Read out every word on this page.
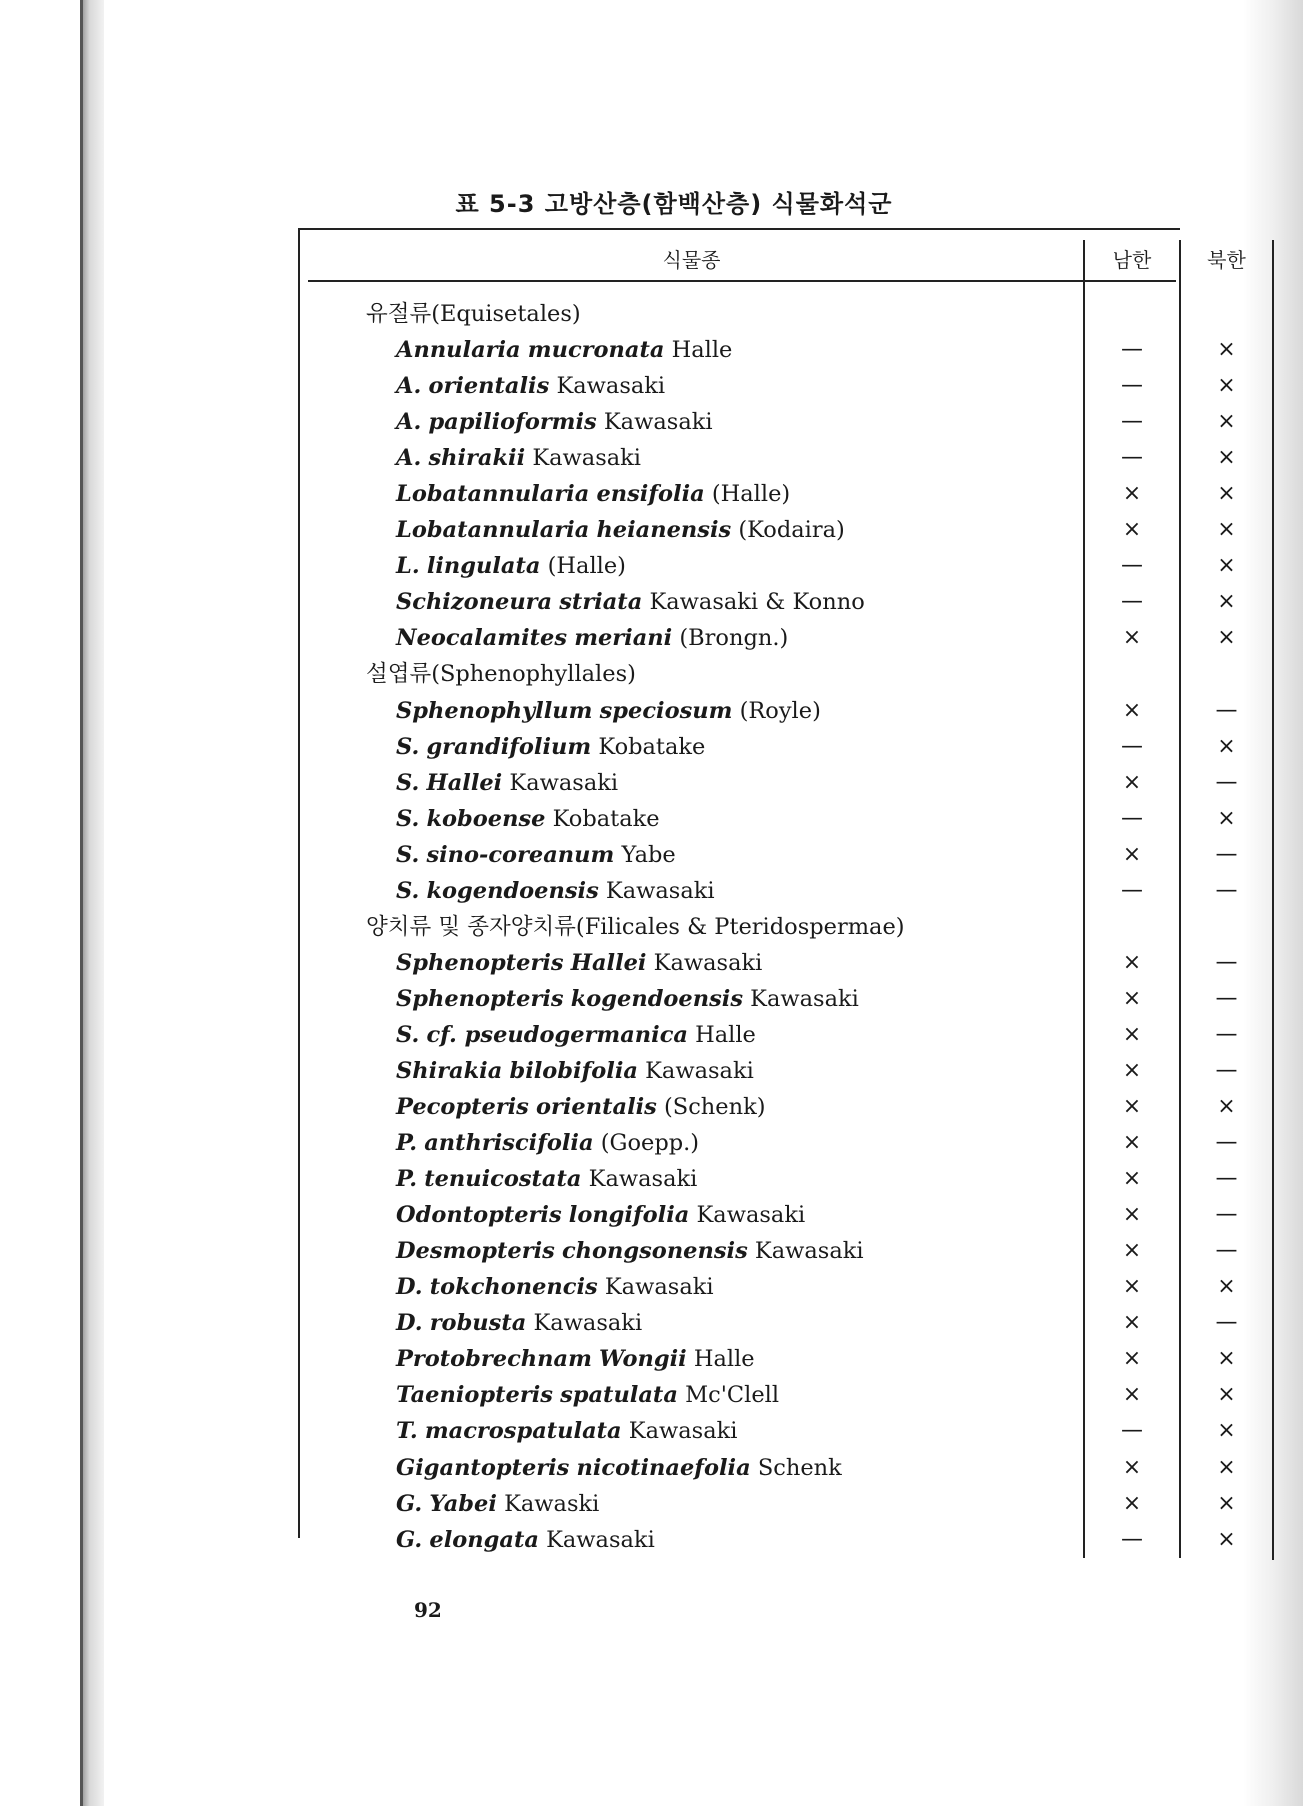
표 5-3 고방산층(함백산층) 식물화석군
식물종	남한	북한
유절류(Equisetales)
Annularia mucronata Halle	—	×
A. orientalis Kawasaki	—	×
A. papilioformis Kawasaki	—	×
A. shirakii Kawasaki	—	×
Lobatannularia ensifolia (Halle)	×	×
Lobatannularia heianensis (Kodaira)	×	×
L. lingulata (Halle)	—	×
Schizoneura striata Kawasaki & Konno	—	×
Neocalamites meriani (Brongn.)	×	×
설엽류(Sphenophyllales)
Sphenophyllum speciosum (Royle)	×	—
S. grandifolium Kobatake	—	×
S. Hallei Kawasaki	×	—
S. koboense Kobatake	—	×
S. sino-coreanum Yabe	×	—
S. kogendoensis Kawasaki	—	—
양치류 및 종자양치류(Filicales & Pteridospermae)
Sphenopteris Hallei Kawasaki	×	—
Sphenopteris kogendoensis Kawasaki	×	—
S. cf. pseudogermanica Halle	×	—
Shirakia bilobifolia Kawasaki	×	—
Pecopteris orientalis (Schenk)	×	×
P. anthriscifolia (Goepp.)	×	—
P. tenuicostata Kawasaki	×	—
Odontopteris longifolia Kawasaki	×	—
Desmopteris chongsonensis Kawasaki	×	—
D. tokchonencis Kawasaki	×	×
D. robusta Kawasaki	×	—
Protobrechnam Wongii Halle	×	×
Taeniopteris spatulata Mc'Clell	×	×
T. macrospatulata Kawasaki	—	×
Gigantopteris nicotinaefolia Schenk	×	×
G. Yabei Kawaski	×	×
G. elongata Kawasaki	—	×
92
